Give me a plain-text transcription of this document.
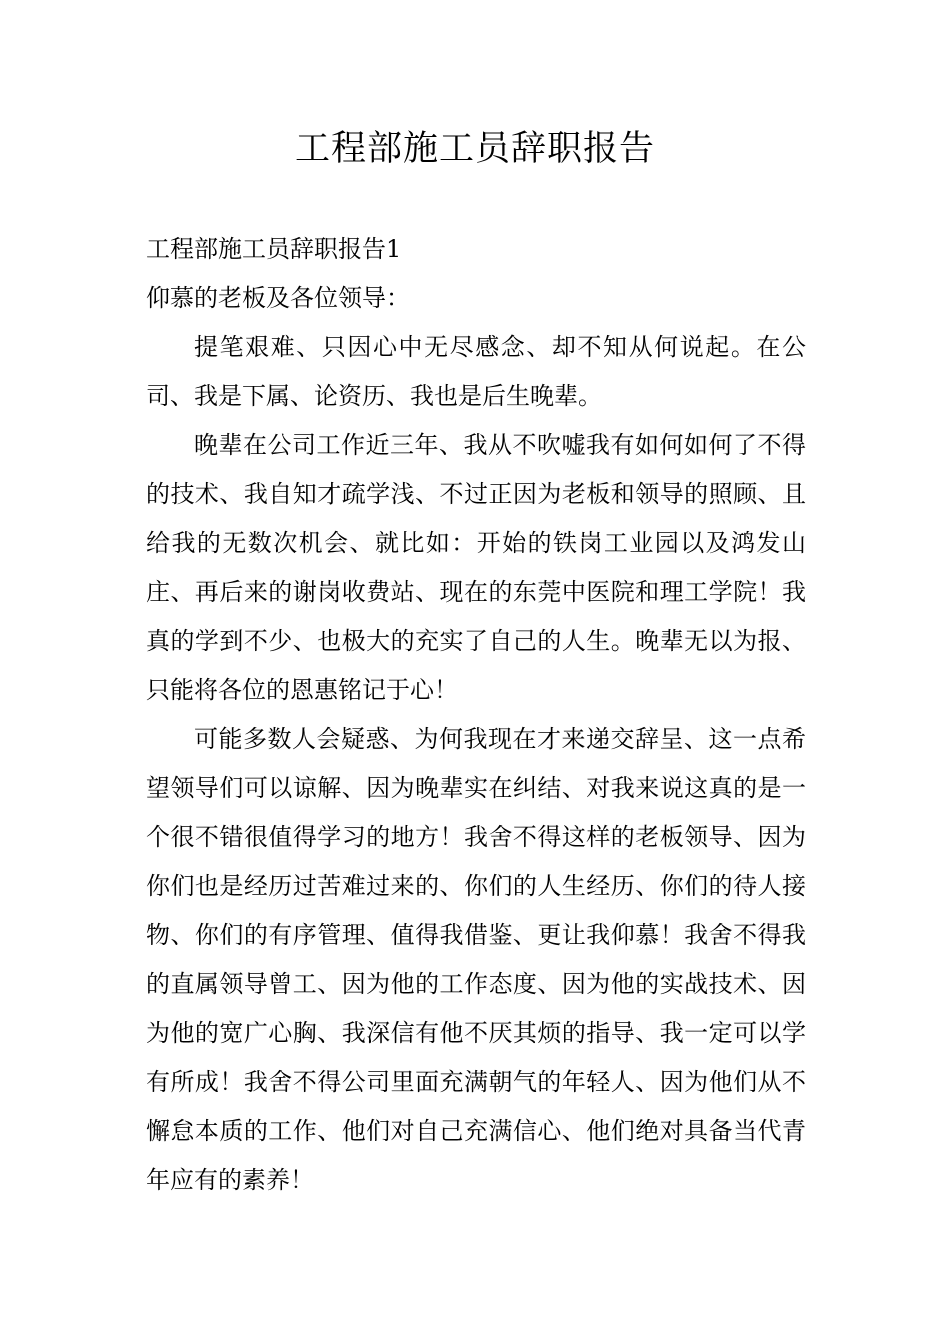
工程部施工员辞职报告

工程部施工员辞职报告1

仰慕的老板及各位领导：

提笔艰难、只因心中无尽感念、却不知从何说起。在公司、我是下属、论资历、我也是后生晚辈。

晚辈在公司工作近三年、我从不吹嘘我有如何如何了不得的技术、我自知才疏学浅、不过正因为老板和领导的照顾、且给我的无数次机会、就比如：开始的铁岗工业园以及鸿发山庄、再后来的谢岗收费站、现在的东莞中医院和理工学院！我真的学到不少、也极大的充实了自己的人生。晚辈无以为报、只能将各位的恩惠铭记于心！

可能多数人会疑惑、为何我现在才来递交辞呈、这一点希望领导们可以谅解、因为晚辈实在纠结、对我来说这真的是一个很不错很值得学习的地方！我舍不得这样的老板领导、因为你们也是经历过苦难过来的、你们的人生经历、你们的待人接物、你们的有序管理、值得我借鉴、更让我仰慕！我舍不得我的直属领导曾工、因为他的工作态度、因为他的实战技术、因为他的宽广心胸、我深信有他不厌其烦的指导、我一定可以学有所成！我舍不得公司里面充满朝气的年轻人、因为他们从不懈怠本质的工作、他们对自己充满信心、他们绝对具备当代青年应有的素养！
